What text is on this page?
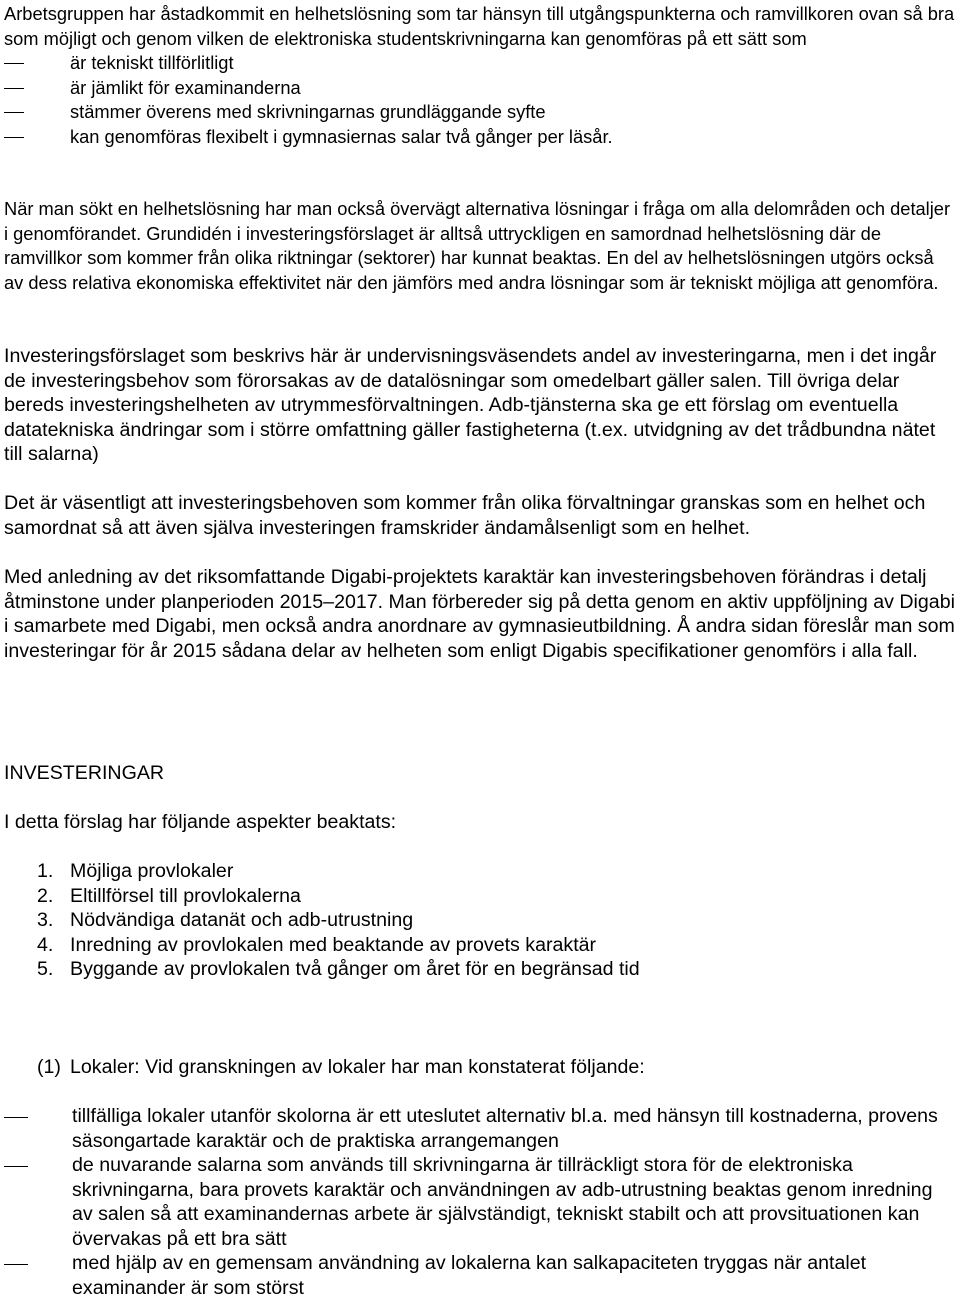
Arbetsgruppen har åstadkommit en helhetslösning som tar hänsyn till utgångspunkterna och ramvillkoren ovan så bra som möjligt och genom vilken de elektroniska studentskrivningarna kan genomföras på ett sätt som

är tekniskt tillförlitligt
är jämlikt för examinanderna
stämmer överens med skrivningarnas grundläggande syfte
kan genomföras flexibelt i gymnasiernas salar två gånger per läsår.

När man sökt en helhetslösning har man också övervägt alternativa lösningar i fråga om alla delområden och detaljer i genomförandet. Grundidén i investeringsförslaget är alltså uttryckligen en samordnad helhetslösning där de ramvillkor som kommer från olika riktningar (sektorer) har kunnat beaktas. En del av helhetslösningen utgörs också av dess relativa ekonomiska effektivitet när den jämförs med andra lösningar som är tekniskt möjliga att genomföra.

Investeringsförslaget som beskrivs här är undervisningsväsendets andel av investeringarna, men i det ingår de investeringsbehov som förorsakas av de datalösningar som omedelbart gäller salen. Till övriga delar bereds investeringshelheten av utrymmesförvaltningen. Adb-tjänsterna ska ge ett förslag om eventuella datatekniska ändringar som i större omfattning gäller fastigheterna (t.ex. utvidgning av det trådbundna nätet till salarna)

Det är väsentligt att investeringsbehoven som kommer från olika förvaltningar granskas som en helhet och samordnat så att även själva investeringen framskrider ändamålsenligt som en helhet.

Med anledning av det riksomfattande Digabi-projektets karaktär kan investeringsbehoven förändras i detalj åtminstone under planperioden 2015–2017. Man förbereder sig på detta genom en aktiv uppföljning av Digabi i samarbete med Digabi, men också andra anordnare av gymnasieutbildning. Å andra sidan föreslår man som investeringar för år 2015 sådana delar av helheten som enligt Digabis specifikationer genomförs i alla fall.

INVESTERINGAR
I detta förslag har följande aspekter beaktats:
1. Möjliga provlokaler
2. Eltillförsel till provlokalerna
3. Nödvändiga datanät och adb-utrustning
4. Inredning av provlokalen med beaktande av provets karaktär
5. Byggande av provlokalen två gånger om året för en begränsad tid
(1) Lokaler: Vid granskningen av lokaler har man konstaterat följande:
tillfälliga lokaler utanför skolorna är ett uteslutet alternativ bl.a. med hänsyn till kostnaderna, provens säsongartade karaktär och de praktiska arrangemangen
de nuvarande salarna som används till skrivningarna är tillräckligt stora för de elektroniska skrivningarna, bara provets karaktär och användningen av adb-utrustning beaktas genom inredning av salen så att examinandernas arbete är självständigt, tekniskt stabilt och att provsituationen kan övervakas på ett bra sätt
med hjälp av en gemensam användning av lokalerna kan salkapaciteten tryggas när antalet examinander är som störst
